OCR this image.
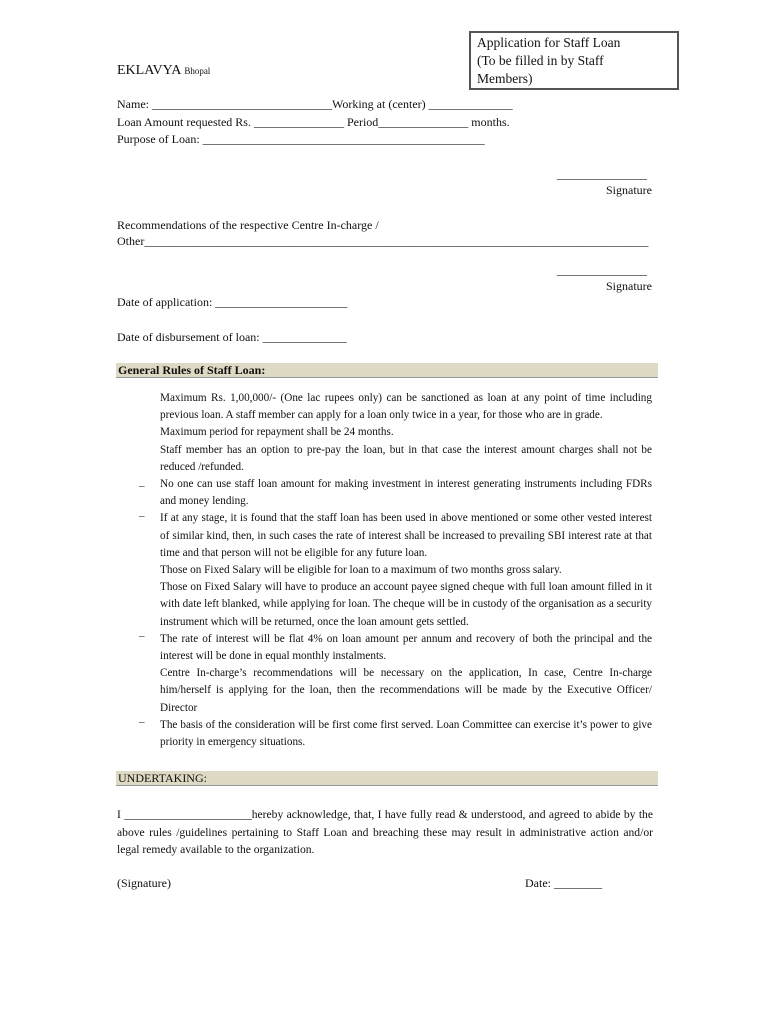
EKLAVYA Bhopal
Application for Staff Loan
(To be filled in by Staff
Members)
Name: ______________________________Working at (center) ______________
Loan Amount requested Rs. _______________ Period_______________ months.
Purpose of Loan: _______________________________________________
_______________
Signature
Recommendations of the respective Centre In-charge /
Other____________________________________________________________________________________
_______________
Signature
Date of application: ______________________
Date of disbursement of loan: ______________
General Rules of Staff Loan:
–
–
–
–
Maximum Rs. 1,00,000/- (One lac rupees only) can be sanctioned as loan at any point of time including previous loan. A staff member can apply for a loan only twice in a year, for those who are in grade.
Maximum period for repayment shall be 24 months.
Staff member has an option to pre-pay the loan, but in that case the interest amount charges shall not be reduced /refunded.
No one can use staff loan amount for making investment in interest generating instruments including FDRs and money lending.
If at any stage, it is found that the staff loan has been used in above mentioned or some other vested interest of similar kind, then, in such cases the rate of interest shall be increased to prevailing SBI interest rate at that time and that person will not be eligible for any future loan.
Those on Fixed Salary will be eligible for loan to a maximum of two months gross salary.
Those on Fixed Salary will have to produce an account payee signed cheque with full loan amount filled in it with date left blanked, while applying for loan. The cheque will be in custody of the organisation as a security instrument which will be returned, once the loan amount gets settled.
The rate of interest will be flat 4% on loan amount per annum and recovery of both the principal and the interest will be done in equal monthly instalments.
Centre In-charge’s recommendations will be necessary on the application, In case, Centre In-charge him/herself is applying for the loan, then the recommendations will be made by the Executive Officer/ Director
The basis of the consideration will be first come first served. Loan Committee can exercise it’s power to give priority in emergency situations.
UNDERTAKING:
I ______________________hereby acknowledge, that, I have fully read & understood, and agreed to abide by the above rules /guidelines pertaining to Staff Loan and breaching these may result in administrative action and/or legal remedy available to the organization.
(Signature)	Date: ________
